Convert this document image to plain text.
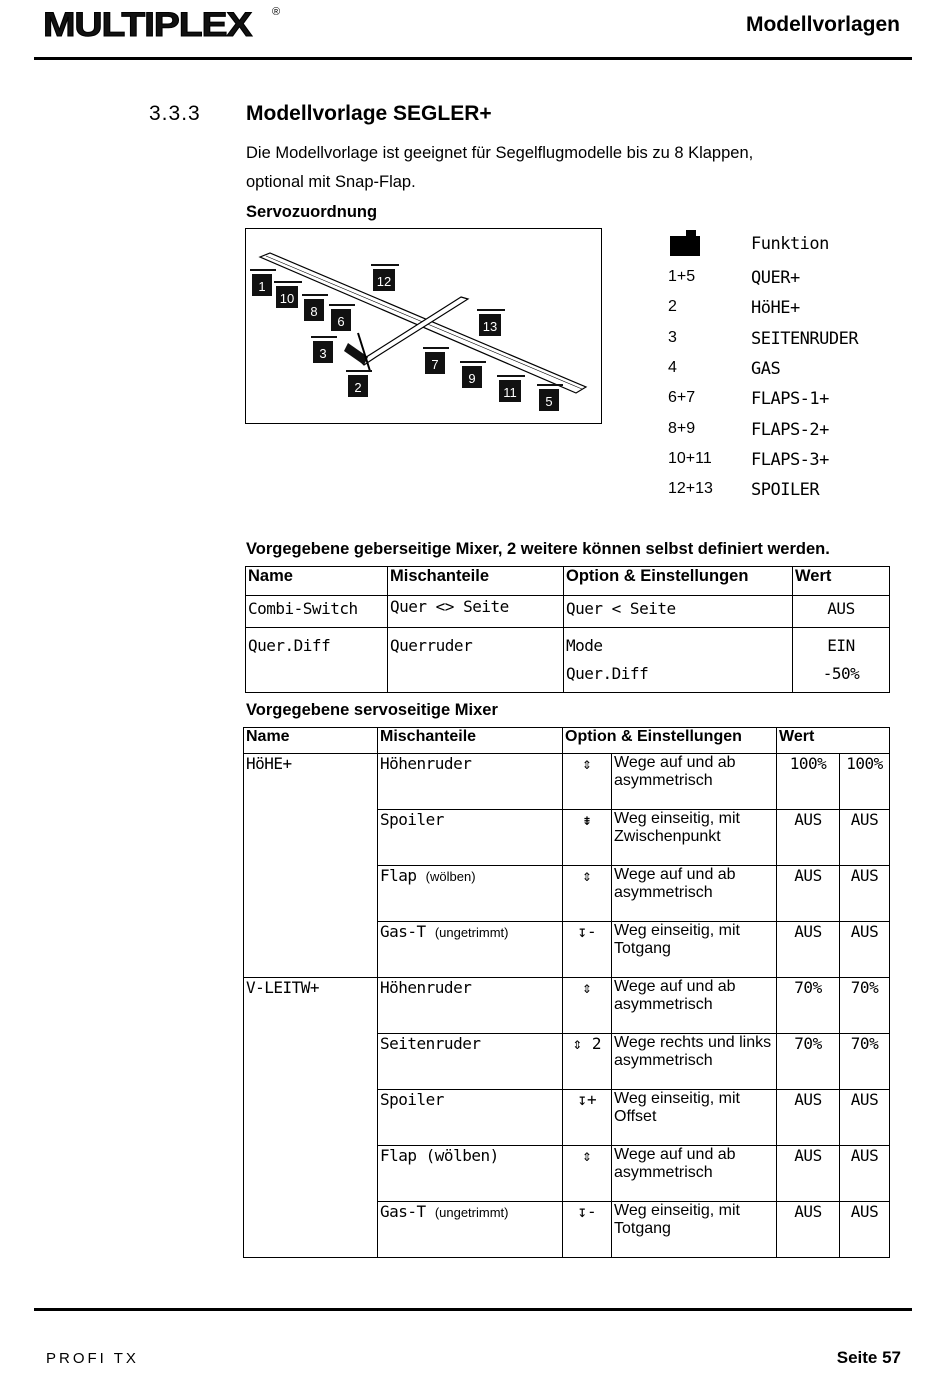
MULTIPLEX ®
Modellvorlagen
3.3.3 Modellvorlage SEGLER+
Die Modellvorlage ist geeignet für Segelflugmodelle bis zu 8 Klappen,
optional mit Snap-Flap.
Servozuordnung
1
10
8
6
3
2
12
13
7
9
11
5
Funktion
1+5	QUER+
2	HöHE+
3	SEITENRUDER
4	GAS
6+7	FLAPS-1+
8+9	FLAPS-2+
10+11 FLAPS-3+
12+13 SPOILER
Vorgegebene geberseitige Mixer, 2 weitere können selbst definiert werden.
Name	Mischanteile	Option & Einstellungen	Wert
Combi-Switch	Quer <> Seite	Quer < Seite	AUS
Quer.Diff	Querruder	Mode	EIN
		Quer.Diff	-50%
Vorgegebene servoseitige Mixer
Name	Mischanteile	Option & Einstellungen		Wert	
HöHE+	Höhenruder	⇕	Wege auf und ab asymmetrisch	100%	100%
	Spoiler	⇟	Weg einseitig, mit Zwischenpunkt	AUS	AUS
	Flap (wölben)	⇕	Wege auf und ab asymmetrisch	AUS	AUS
	Gas-T (ungetrimmt)	↧-	Weg einseitig, mit Totgang	AUS	AUS
V-LEITW+	Höhenruder	⇕	Wege auf und ab asymmetrisch	70%	70%
	Seitenruder	⇕ 2	Wege rechts und links asymmetrisch	70%	70%
	Spoiler	↧+	Weg einseitig, mit Offset	AUS	AUS
	Flap (wölben)	⇕	Wege auf und ab asymmetrisch	AUS	AUS
	Gas-T (ungetrimmt)	↧-	Weg einseitig, mit Totgang	AUS	AUS
PROFI TX	Seite 57
